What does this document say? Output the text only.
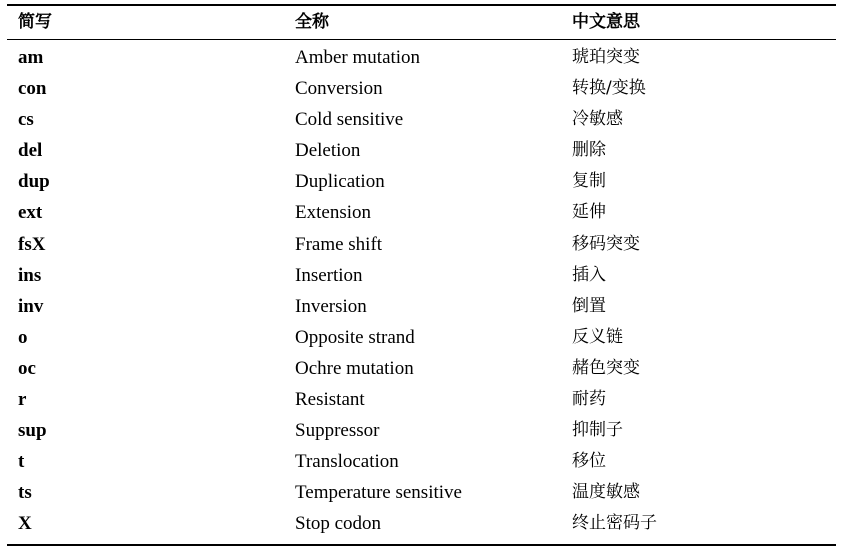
简写	全称	中文意思
am	Amber mutation	琥珀突变
con	Conversion	转换/变换
cs	Cold sensitive	冷敏感
del	Deletion	删除
dup	Duplication	复制
ext	Extension	延伸
fsX	Frame shift	移码突变
ins	Insertion	插入
inv	Inversion	倒置
o	Opposite strand	反义链
oc	Ochre mutation	赭色突变
r	Resistant	耐药
sup	Suppressor	抑制子
t	Translocation	移位
ts	Temperature sensitive	温度敏感
X	Stop codon	终止密码子
